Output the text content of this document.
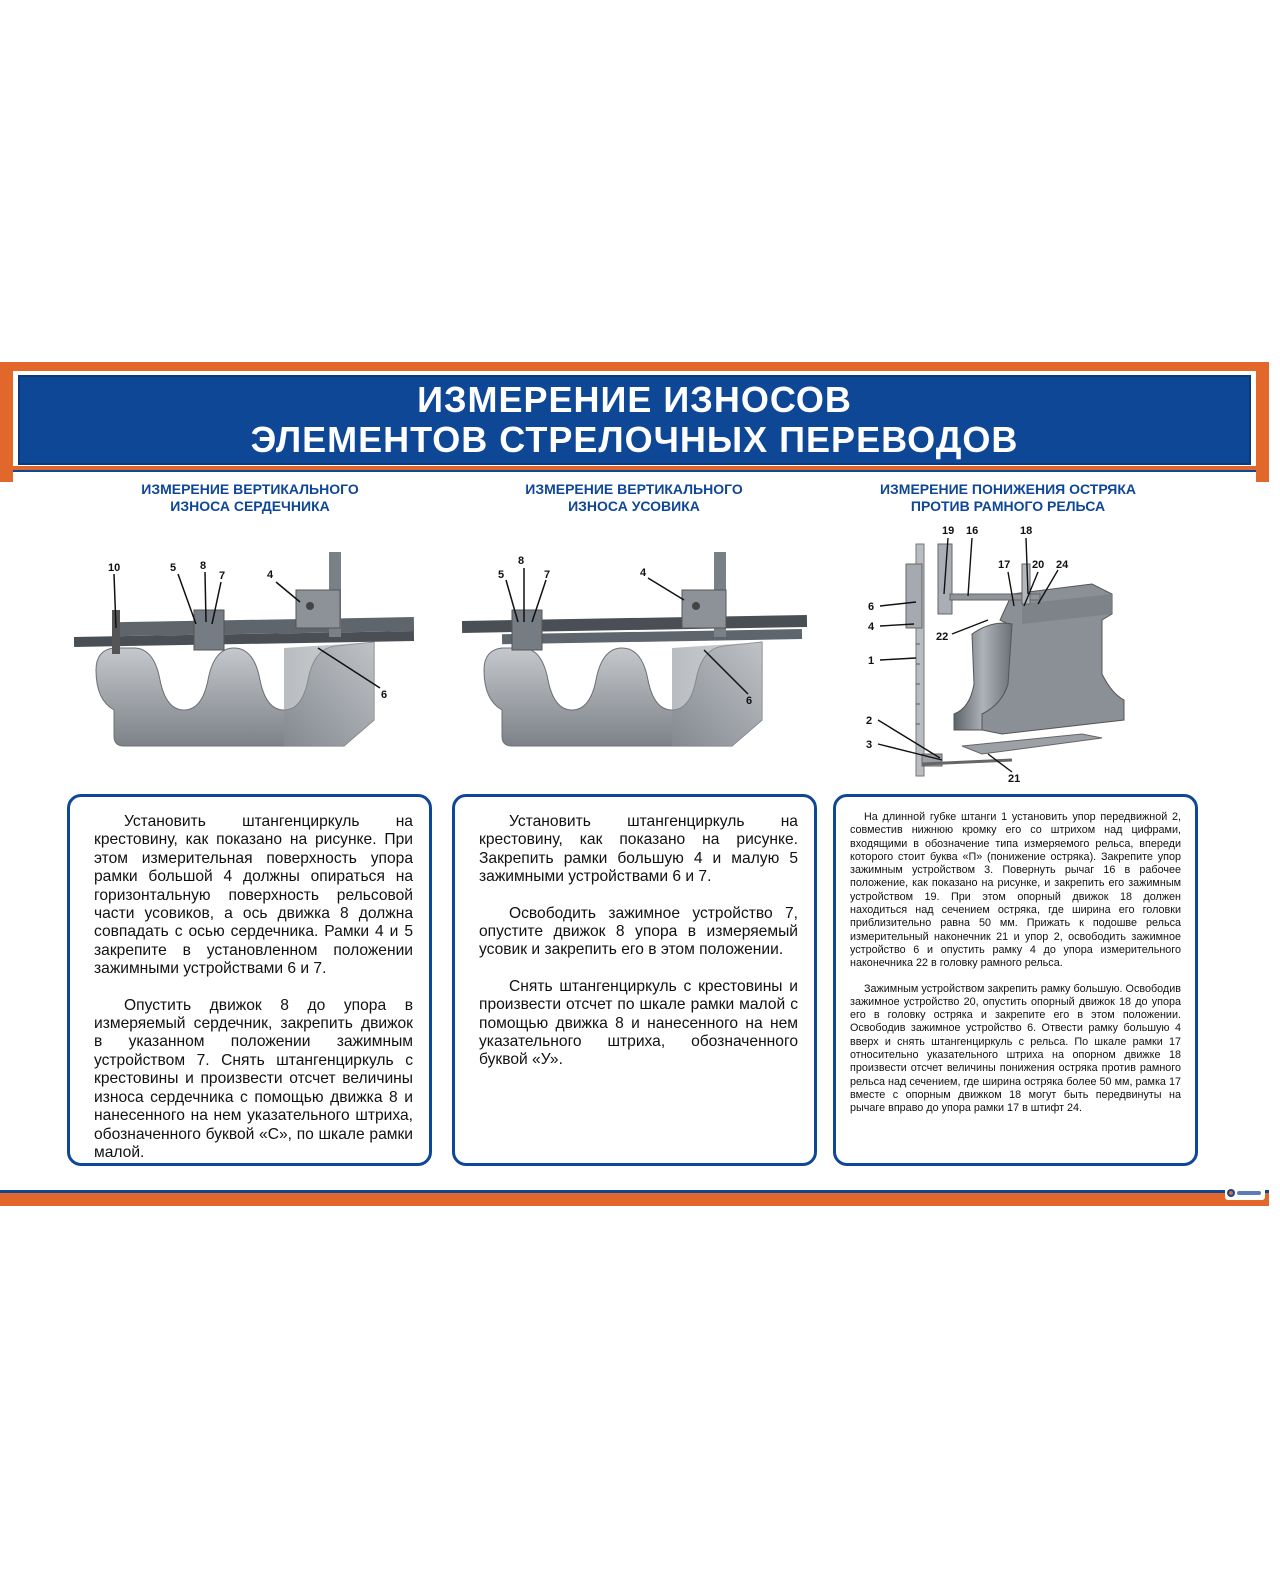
ИЗМЕРЕНИЕ ИЗНОСОВ
ЭЛЕМЕНТОВ СТРЕЛОЧНЫХ ПЕРЕВОДОВ
ИЗМЕРЕНИЕ ВЕРТИКАЛЬНОГО
ИЗНОСА СЕРДЕЧНИКА
ИЗМЕРЕНИЕ ВЕРТИКАЛЬНОГО
ИЗНОСА УСОВИКА
ИЗМЕРЕНИЕ ПОНИЖЕНИЯ ОСТРЯКА
ПРОТИВ РАМНОГО РЕЛЬСА
10	5 8
7	4
6
8
5	7	4
6
19 16	18
17 20 24
6
4
22
1
2
3
21

Установить штангенциркуль на крестовину, как показано на рисунке. При этом измерительная поверхность упора рамки большой 4 должны опираться на горизонтальную поверхность рельсовой части усовиков, а ось движка 8 должна совпадать с осью сердечника. Рамки 4 и 5 закрепите в установленном положении зажимными устройствами 6 и 7.

Опустить движок 8 до упора в измеряемый сердечник, закрепить движок в указанном положении зажимным устройством 7. Снять штангенциркуль с крестовины и произвести отсчет величины износа сердечника с помощью движка 8 и нанесенного на нем указательного штриха, обозначенного буквой «С», по шкале рамки малой.

Установить штангенциркуль на крестовину, как показано на рисунке. Закрепить рамки большую 4 и малую 5 зажимными устройствами 6 и 7.

Освободить зажимное устройство 7, опустите движок 8 упора в измеряемый усовик и закрепить его в этом положении.

Снять штангенциркуль с крестовины и произвести отсчет по шкале рамки малой с помощью движка 8 и нанесенного на нем указательного штриха, обозначенного буквой «У».

На длинной губке штанги 1 установить упор передвижной 2, совместив нижнюю кромку его со штрихом над цифрами, входящими в обозначение типа измеряемого рельса, впереди которого стоит буква «П» (понижение остряка). Закрепите упор зажимным устройством 3. Повернуть рычаг 16 в рабочее положение, как показано на рисунке, и закрепить его зажимным устройством 19. При этом опорный движок 18 должен находиться над сечением остряка, где ширина его головки приблизительно равна 50 мм. Прижать к подошве рельса измерительный наконечник 21 и упор 2, освободить зажимное устройство 6 и опустить рамку 4 до упора измерительного наконечника 22 в головку рамного рельса.

Зажимным устройством закрепить рамку большую. Освободив зажимное устройство 20, опустить опорный движок 18 до упора его в головку остряка и закрепите его в этом положении. Освободив зажимное устройство 6. Отвести рамку большую 4 вверх и снять штангенциркуль с рельса. По шкале рамки 17 относительно указательного штриха на опорном движке 18 произвести отсчет величины понижения остряка против рамного рельса над сечением, где ширина остряка более 50 мм, рамка 17 вместе с опорным движком 18 могут быть передвинуты на рычаге вправо до упора рамки 17 в штифт 24.
